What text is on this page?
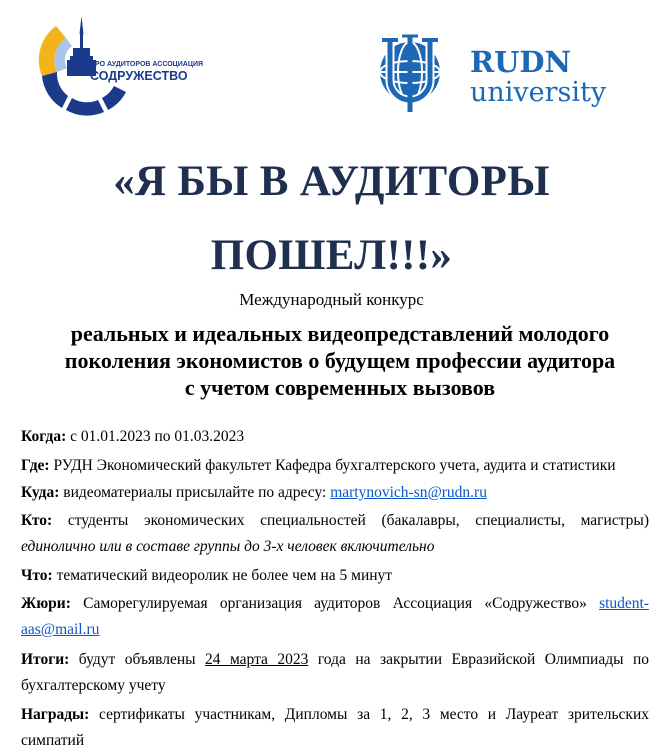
СРО АУДИТОРОВ АССОЦИАЦИЯ
СОДРУЖЕСТВО	RUDN
university
«Я БЫ В АУДИТОРЫ
ПОШЕЛ!!!»
Международный конкурс
реальных и идеальных видеопредставлений молодого
поколения экономистов о будущем профессии аудитора
с учетом современных вызовов
Когда: с 01.01.2023 по 01.03.2023
Где: РУДН Экономический факультет Кафедра бухгалтерского учета, аудита и статистики
Куда: видеоматериалы присылайте по адресу: martynovich-sn@rudn.ru
Кто: студенты экономических специальностей (бакалавры, специалисты, магистры)
единолично или в составе группы до 3-х человек включительно
Что: тематический видеоролик не более чем на 5 минут
Жюри: Саморегулируемая организация аудиторов Ассоциация «Содружество» student-
aas@mail.ru
Итоги: будут объявлены 24 марта 2023 года на закрытии Евразийской Олимпиады по
бухгалтерскому учету
Награды: сертификаты участникам, Дипломы за 1, 2, 3 место и Лауреат зрительских
симпатий
